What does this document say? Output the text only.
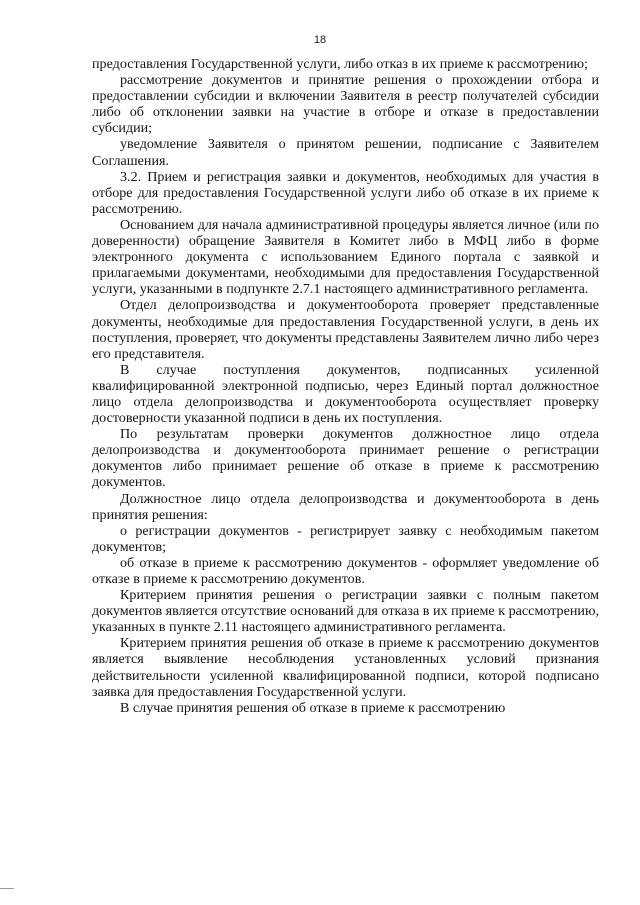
18

предоставления Государственной услуги, либо отказ в их приеме к рассмотрению;

рассмотрение документов и принятие решения о прохождении отбора и предоставлении субсидии и включении Заявителя в реестр получателей субсидии либо об отклонении заявки на участие в отборе и отказе в предоставлении субсидии;

уведомление Заявителя о принятом решении, подписание с Заявителем Соглашения.

3.2. Прием и регистрация заявки и документов, необходимых для участия в отборе для предоставления Государственной услуги либо об отказе в их приеме к рассмотрению.

Основанием для начала административной процедуры является личное (или по доверенности) обращение Заявителя в Комитет либо в МФЦ либо в форме электронного документа с использованием Единого портала с заявкой и прилагаемыми документами, необходимыми для предоставления Государственной услуги, указанными в подпункте 2.7.1 настоящего административного регламента.

Отдел делопроизводства и документооборота проверяет представленные документы, необходимые для предоставления Государственной услуги, в день их поступления, проверяет, что документы представлены Заявителем лично либо через его представителя.

В случае поступления документов, подписанных усиленной квалифицированной электронной подписью, через Единый портал должностное лицо отдела делопроизводства и документооборота осуществляет проверку достоверности указанной подписи в день их поступления.

По результатам проверки документов должностное лицо отдела делопроизводства и документооборота принимает решение о регистрации документов либо принимает решение об отказе в приеме к рассмотрению документов.

Должностное лицо отдела делопроизводства и документооборота в день принятия решения:

о регистрации документов - регистрирует заявку с необходимым пакетом документов;

об отказе в приеме к рассмотрению документов - оформляет уведомление об отказе в приеме к рассмотрению документов.

Критерием принятия решения о регистрации заявки с полным пакетом документов является отсутствие оснований для отказа в их приеме к рассмотрению, указанных в пункте 2.11 настоящего административного регламента.

Критерием принятия решения об отказе в приеме к рассмотрению документов является выявление несоблюдения установленных условий признания действительности усиленной квалифицированной подписи, которой подписано заявка для предоставления Государственной услуги.

В случае принятия решения об отказе в приеме к рассмотрению
